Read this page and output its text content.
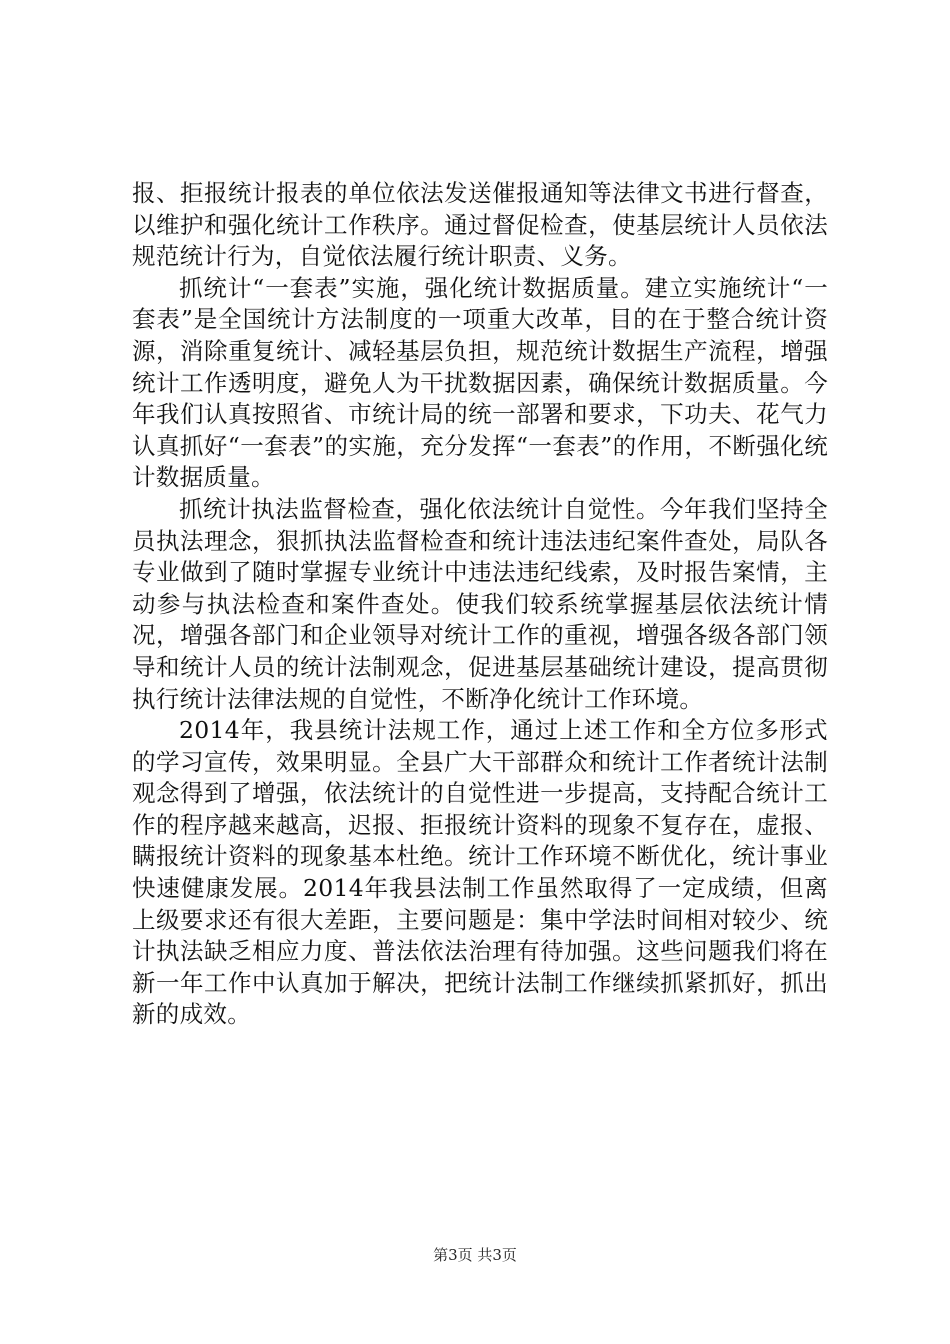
报、拒报统计报表的单位依法发送催报通知等法律文书进行督查，以维护和强化统计工作秩序。通过督促检查，使基层统计人员依法规范统计行为，自觉依法履行统计职责、义务。

抓统计“一套表”实施，强化统计数据质量。建立实施统计“一套表”是全国统计方法制度的一项重大改革，目的在于整合统计资源，消除重复统计、减轻基层负担，规范统计数据生产流程，增强统计工作透明度，避免人为干扰数据因素，确保统计数据质量。今年我们认真按照省、市统计局的统一部署和要求，下功夫、花气力认真抓好“一套表”的实施，充分发挥“一套表”的作用，不断强化统计数据质量。

抓统计执法监督检查，强化依法统计自觉性。今年我们坚持全员执法理念，狠抓执法监督检查和统计违法违纪案件查处，局队各专业做到了随时掌握专业统计中违法违纪线索，及时报告案情，主动参与执法检查和案件查处。使我们较系统掌握基层依法统计情况，增强各部门和企业领导对统计工作的重视，增强各级各部门领导和统计人员的统计法制观念，促进基层基础统计建设，提高贯彻执行统计法律法规的自觉性，不断净化统计工作环境。

2014年，我县统计法规工作，通过上述工作和全方位多形式的学习宣传，效果明显。全县广大干部群众和统计工作者统计法制观念得到了增强，依法统计的自觉性进一步提高，支持配合统计工作的程序越来越高，迟报、拒报统计资料的现象不复存在，虚报、瞒报统计资料的现象基本杜绝。统计工作环境不断优化，统计事业快速健康发展。2014年我县法制工作虽然取得了一定成绩，但离上级要求还有很大差距，主要问题是：集中学法时间相对较少、统计执法缺乏相应力度、普法依法治理有待加强。这些问题我们将在新一年工作中认真加于解决，把统计法制工作继续抓紧抓好，抓出新的成效。

第3页 共3页
